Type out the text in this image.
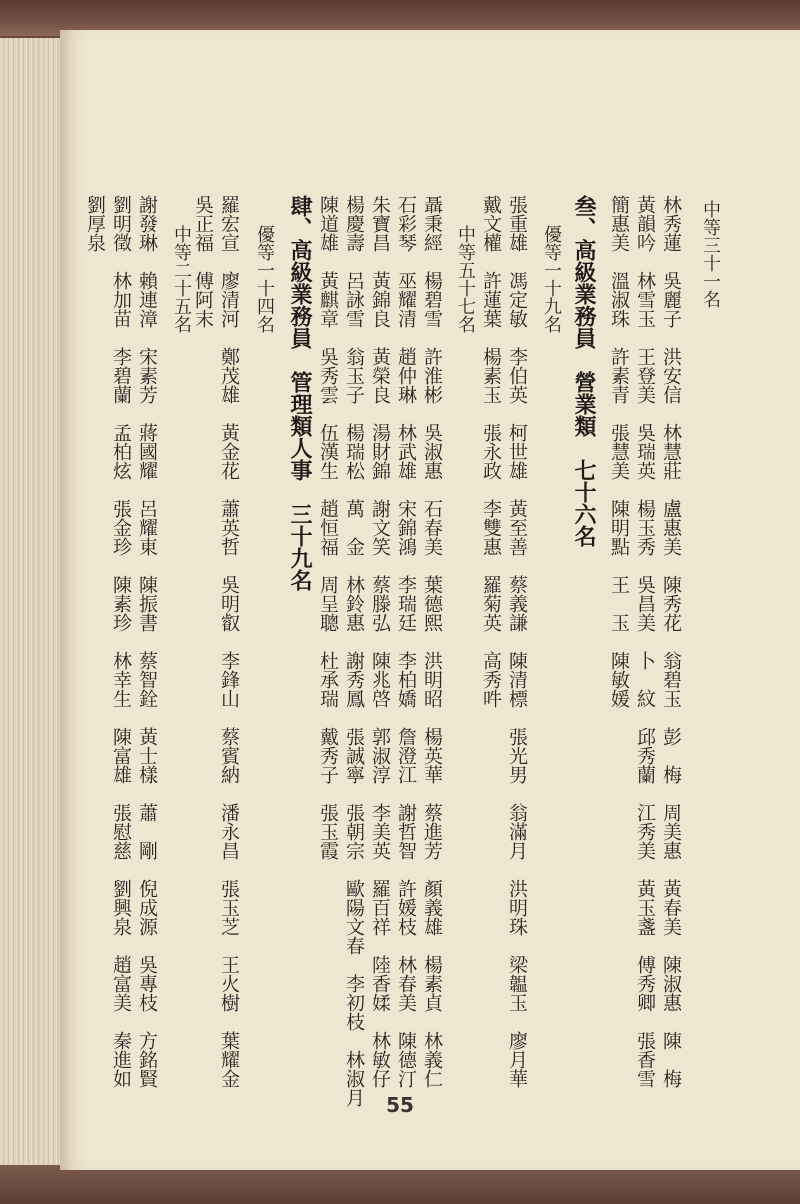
中等三十一名
林秀蓮　吳麗子　洪安信　林慧莊　盧惠美　陳秀花　翁碧玉　彭　梅　周美惠　黃春美　陳淑惠　陳　梅
黃韻吟　林雪玉　王登美　吳瑞英　楊玉秀　吳昌美　卜　紋　邱秀蘭　江秀美　黃玉盞　傅秀卿　張香雪
簡惠美　溫淑珠　許素青　張慧美　陳明點　王　玉　陳敏媛
叁、高級業務員　營業類　七十六名
優等一十九名
張重雄　馮定敏　李伯英　柯世雄　黃至善　蔡義謙　陳清標　張光男　翁滿月　洪明珠　梁韞玉　廖月華
戴文權　許蓮葉　楊素玉　張永政　李雙惠　羅菊英　高秀吽
中等五十七名
聶秉經　楊碧雪　許淮彬　吳淑惠　石春美　葉德熙　洪明昭　楊英華　蔡進芳　顏義雄　楊素貞　林義仁
石彩琴　巫耀清　趙仲琳　林武雄　宋錦鴻　李瑞廷　李柏嬌　詹澄江　謝哲智　許媛枝　林春美　陳德汀
朱寶昌　黃錦良　黃榮良　湯財錦　謝文笑　蔡滕弘　陳兆啓　郭淑淳　李美英　羅百祥　陸香媃　林敏仔
楊慶壽　呂詠雪　翁玉子　楊瑞松　萬　金　林鈴惠　謝秀鳳　張誠寧　張朝宗　歐陽文春　李初枝　林淑月
陳道雄　黃麒章　吳秀雲　伍漢生　趙恒福　周呈聰　杜承瑞　戴秀子　張玉霞
肆、高級業務員　管理類人事　三十九名
優等一十四名
羅宏宣　廖清河　鄭茂雄　黃金花　蕭英哲　吳明叡　李鋒山　蔡賓納　潘永昌　張玉芝　王火樹　葉耀金
吳正福　傅阿末
中等二十五名
謝發琳　賴連漳　宋素芳　蔣國耀　呂耀東　陳振書　蔡智銓　黃士樣　蕭　剛　倪成源　吳專枝　方銘賢
劉明徵　林加苗　李碧蘭　孟柏炫　張金珍　陳素珍　林幸生　陳富雄　張慰慈　劉興泉　趙富美　秦進如
劉厚泉
55
